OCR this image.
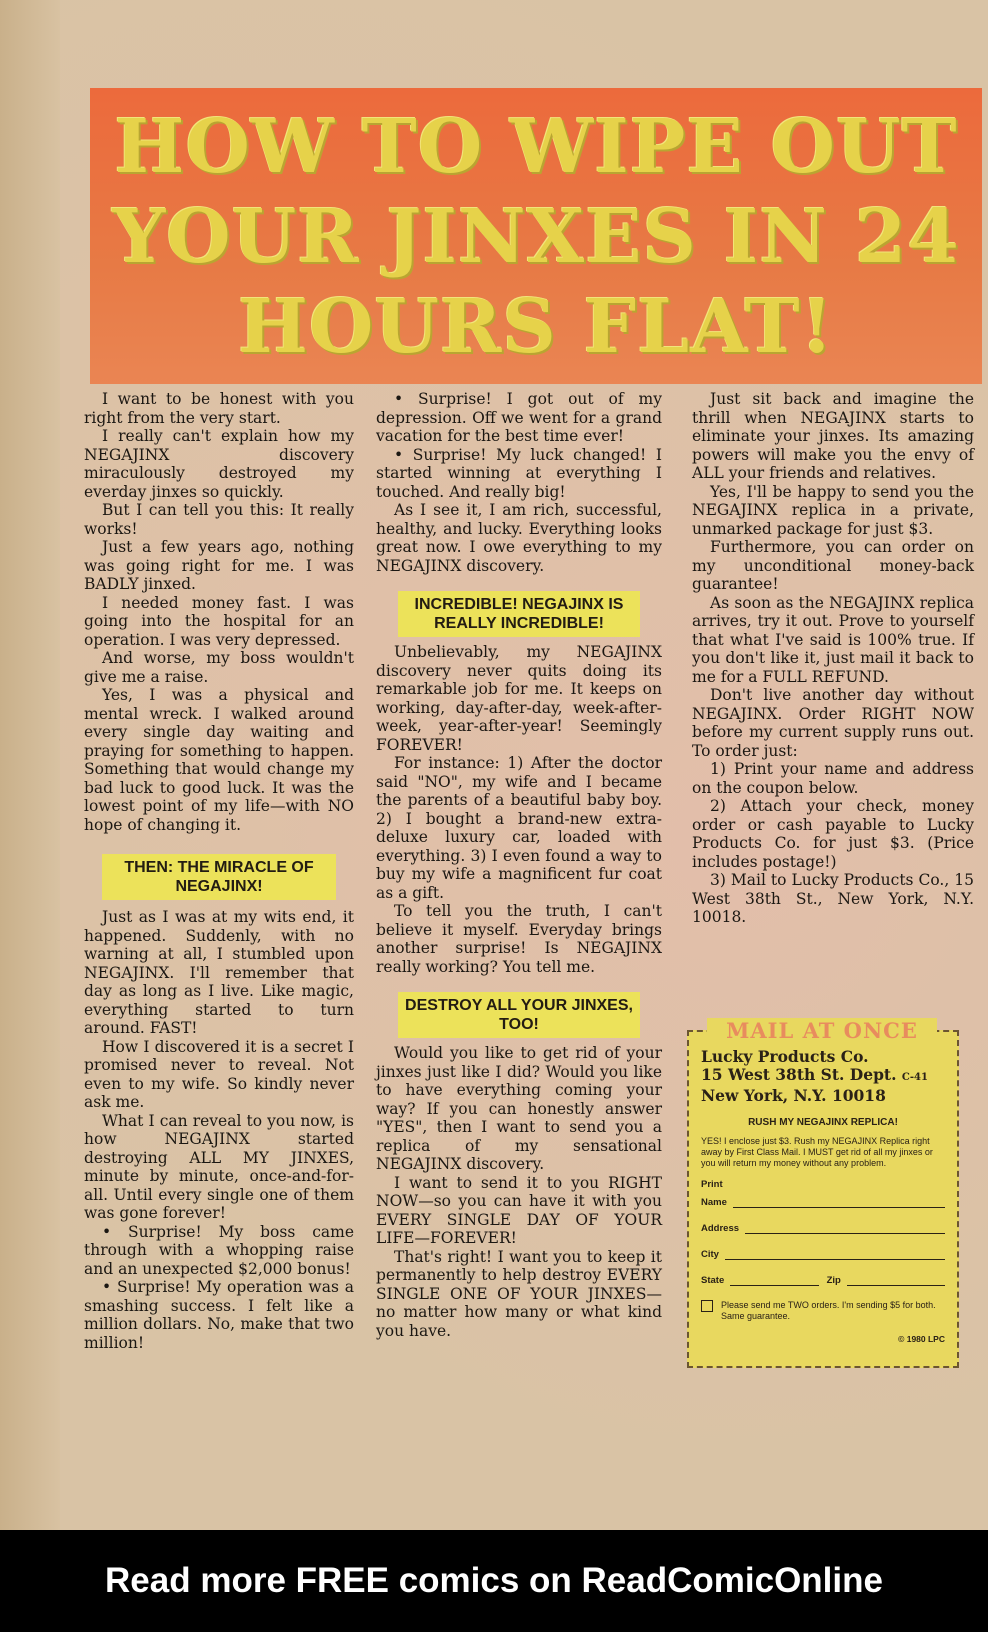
HOW TO WIPE OUT YOUR JINXES IN 24 HOURS FLAT!

I want to be honest with you right from the very start.

I really can't explain how my NEGAJINX discovery miraculously destroyed my everday jinxes so quickly.

But I can tell you this: It really works!

Just a few years ago, nothing was going right for me. I was BADLY jinxed.

I needed money fast. I was going into the hospital for an operation. I was very depressed.

And worse, my boss wouldn't give me a raise.

Yes, I was a physical and mental wreck. I walked around every single day waiting and praying for something to happen. Something that would change my bad luck to good luck. It was the lowest point of my life—with NO hope of changing it.

THEN: THE MIRACLE OF NEGAJINX!

Just as I was at my wits end, it happened. Suddenly, with no warning at all, I stumbled upon NEGAJINX. I'll remember that day as long as I live. Like magic, everything started to turn around. FAST!

How I discovered it is a secret I promised never to reveal. Not even to my wife. So kindly never ask me.

What I can reveal to you now, is how NEGAJINX started destroying ALL MY JINXES, minute by minute, once-and-for-all. Until every single one of them was gone forever!

• Surprise! My boss came through with a whopping raise and an unexpected $2,000 bonus!

• Surprise! My operation was a smashing success. I felt like a million dollars. No, make that two million!

• Surprise! I got out of my depression. Off we went for a grand vacation for the best time ever!

• Surprise! My luck changed! I started winning at everything I touched. And really big!

As I see it, I am rich, successful, healthy, and lucky. Everything looks great now. I owe everything to my NEGAJINX discovery.

INCREDIBLE! NEGAJINX IS REALLY INCREDIBLE!

Unbelievably, my NEGAJINX discovery never quits doing its remarkable job for me. It keeps on working, day-after-day, week-after-week, year-after-year! Seemingly FOREVER!

For instance: 1) After the doctor said "NO", my wife and I became the parents of a beautiful baby boy. 2) I bought a brand-new extra-deluxe luxury car, loaded with everything. 3) I even found a way to buy my wife a magnificent fur coat as a gift.

To tell you the truth, I can't believe it myself. Everyday brings another surprise! Is NEGAJINX really working? You tell me.

DESTROY ALL YOUR JINXES, TOO!

Would you like to get rid of your jinxes just like I did? Would you like to have everything coming your way? If you can honestly answer "YES", then I want to send you a replica of my sensational NEGAJINX discovery.

I want to send it to you RIGHT NOW—so you can have it with you EVERY SINGLE DAY OF YOUR LIFE—FOREVER!

That's right! I want you to keep it permanently to help destroy EVERY SINGLE ONE OF YOUR JINXES—no matter how many or what kind you have.

Just sit back and imagine the thrill when NEGAJINX starts to eliminate your jinxes. Its amazing powers will make you the envy of ALL your friends and relatives.

Yes, I'll be happy to send you the NEGAJINX replica in a private, unmarked package for just $3.

Furthermore, you can order on my unconditional money-back guarantee!

As soon as the NEGAJINX replica arrives, try it out. Prove to yourself that what I've said is 100% true. If you don't like it, just mail it back to me for a FULL REFUND.

Don't live another day without NEGAJINX. Order RIGHT NOW before my current supply runs out. To order just:

1) Print your name and address on the coupon below.

2) Attach your check, money order or cash payable to Lucky Products Co. for just $3. (Price includes postage!)

3) Mail to Lucky Products Co., 15 West 38th St., New York, N.Y. 10018.

MAIL AT ONCE
Lucky Products Co.
15 West 38th St. Dept. C-41
New York, N.Y. 10018
RUSH MY NEGAJINX REPLICA!
YES! I enclose just $3. Rush my NEGAJINX Replica right away by First Class Mail. I MUST get rid of all my jinxes or you will return my money without any problem.
Print
Name
Address
City
State	Zip
Please send me TWO orders. I'm sending $5 for both. Same guarantee.
© 1980 LPC
Read more FREE comics on ReadComicOnline
